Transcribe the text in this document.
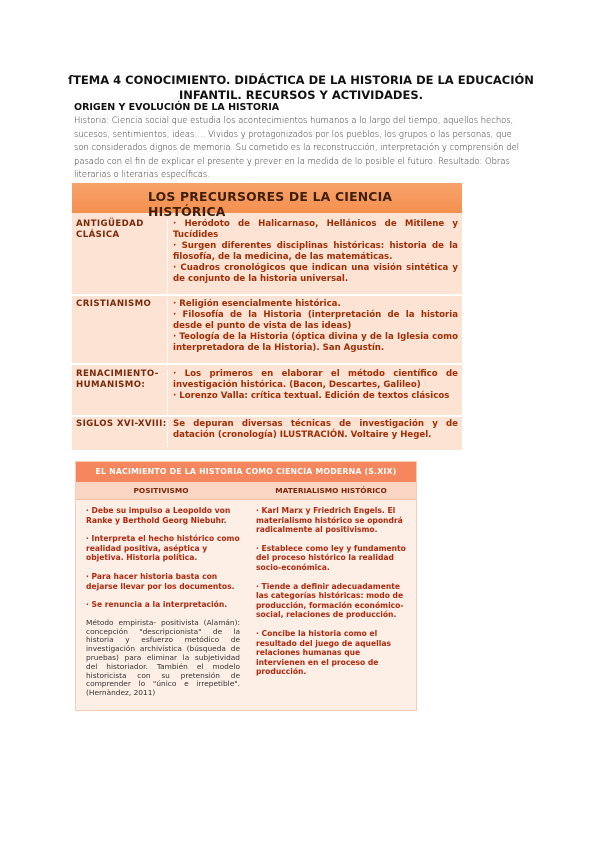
ſTEMA 4 CONOCIMIENTO. DIDÁCTICA DE LA HISTORIA DE LA EDUCACIÓN INFANTIL. RECURSOS Y ACTIVIDADES.
ORIGEN Y EVOLUCIÓN DE LA HISTORIA

Historia: Ciencia social que estudia los acontecimientos humanos a lo largo del tiempo, aquellos hechos, sucesos, sentimientos, ideas…. Vividos y protagonizados por los pueblos, los grupos o las personas, que son considerados dignos de memoria. Su cometido es la reconstrucción, interpretación y comprensión del pasado con el fin de explicar el presente y prever en la medida de lo posible el futuro. Resultado: Obras literarias o literarias específicas.

LOS PRECURSORES DE LA CIENCIA HISTÓRICA
ANTIGÜEDAD CLÁSICA

· Heródoto de Halicarnaso, Hellánicos de Mitilene y Tucídides

· Surgen diferentes disciplinas históricas: historia de la filosofía, de la medicina, de las matemáticas.

· Cuadros cronológicos que indican una visión sintética y de conjunto de la historia universal.

CRISTIANISMO	· Religión esencialmente histórica.

· Filosofía de la Historia (interpretación de la historia desde el punto de vista de las ideas)

· Teología de la Historia (óptica divina y de la Iglesia como interpretadora de la Historia). San Agustín.

RENACIMIENTO-HUMANISMO:

· Los primeros en elaborar el método científico de investigación histórica. (Bacon, Descartes, Galileo)

· Lorenzo Valla: crítica textual. Edición de textos clásicos

SIGLOS XVI-XVIII: Se depuran diversas técnicas de investigación y de datación (cronología) ILUSTRACIÓN. Voltaire y Hegel.

EL NACIMIENTO DE LA HISTORIA COMO CIENCIA MODERNA (S.XIX)
POSITIVISMO	MATERIALISMO HISTÓRICO

· Debe su impulso a Leopoldo von Ranke y Berthold Georg Niebuhr.

· Interpreta el hecho histórico como realidad positiva, aséptica y objetiva. Historia política.

· Para hacer historia basta con dejarse llevar por los documentos.

· Se renuncia a la interpretación.

Método empirista- positivista (Alamán): concepción "descripcionista" de la historia y esfuerzo metódico de investigación archivística (búsqueda de pruebas) para eliminar la subjetividad del historiador. También el modelo historicista con su pretensión de comprender lo "único e irrepetible". (Hernàndez, 2011)

· Karl Marx y Friedrich Engels. El materialismo histórico se opondrá radicalmente al positivismo.

· Establece como ley y fundamento del proceso histórico la realidad socio-económica.

· Tiende a definir adecuadamente las categorías históricas: modo de producción, formación económico-social, relaciones de producción.

· Concibe la historia como el resultado del juego de aquellas relaciones humanas que intervienen en el proceso de producción.
